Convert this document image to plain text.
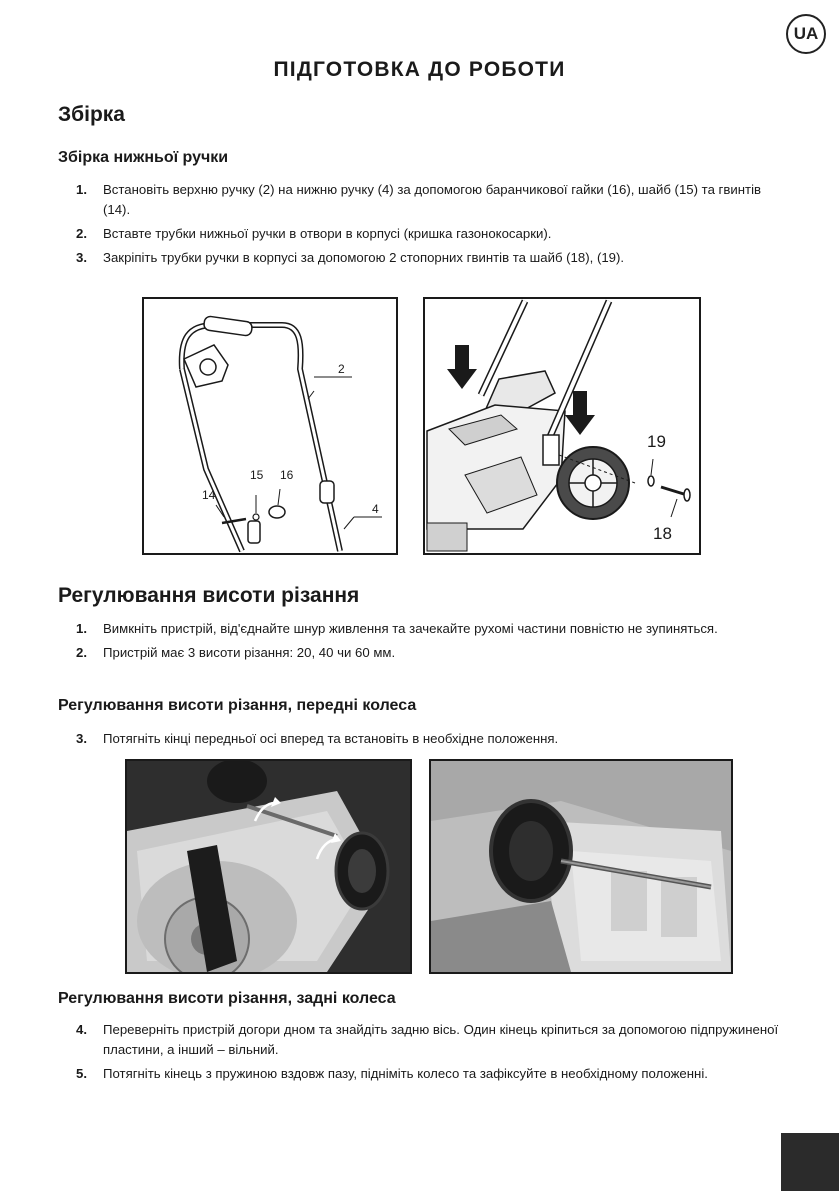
UA
ПІДГОТОВКА ДО РОБОТИ
Збірка
Збірка нижньої ручки
1.	Встановіть верхню ручку (2) на нижню ручку (4) за допомогою баранчикової гайки (16), шайб (15) та гвинтів (14).
2.	Вставте трубки нижньої ручки в отвори в корпусі (кришка газонокосарки).
3.	Закріпіть трубки ручки в корпусі за допомогою 2 стопорних гвинтів та шайб (18), (19).
2
15 16
14
4
19
18
Регулювання висоти різання
1.	Вимкніть пристрій, від'єднайте шнур живлення та зачекайте рухомі частини повністю не зупиняться.
2.	Пристрій має 3 висоти різання: 20, 40 чи 60 мм.
Регулювання висоти різання, передні колеса
3.	Потягніть кінці передньої осі вперед та встановіть в необхідне положення.
Регулювання висоти різання, задні колеса
4.	Переверніть пристрій догори дном та знайдіть задню вісь. Один кінець кріпиться за допомогою підпружиненої пластини, а інший – вільний.
5.	Потягніть кінець з пружиною вздовж пазу, підніміть колесо та зафіксуйте в необхідному положенні.
